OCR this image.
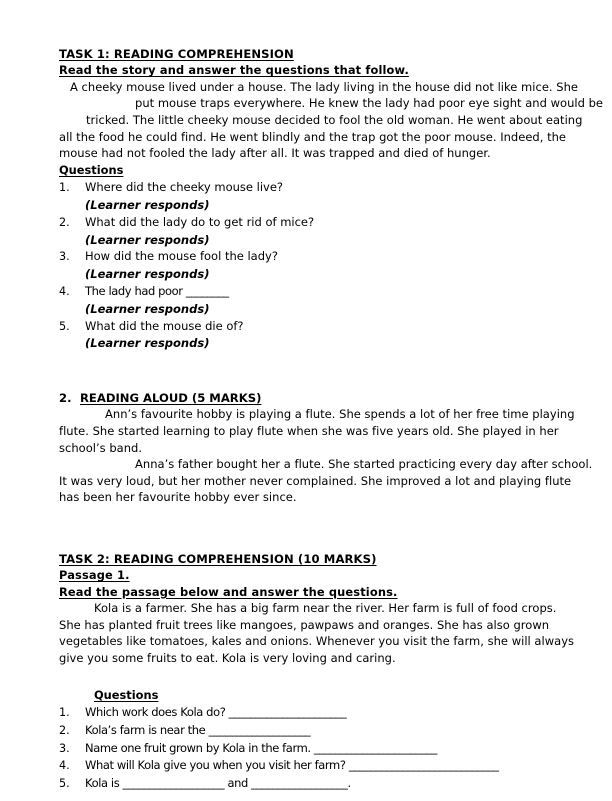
TASK 1: READING COMPREHENSION
Read the story and answer the questions that follow.
A cheeky mouse lived under a house. The lady living in the house did not like mice. She
put mouse traps everywhere. He knew the lady had poor eye sight and would be
tricked. The little cheeky mouse decided to fool the old woman. He went about eating
all the food he could find. He went blindly and the trap got the poor mouse. Indeed, the
mouse had not fooled the lady after all. It was trapped and died of hunger.
Questions
1.	Where did the cheeky mouse live?
(Learner responds)
2.	What did the lady do to get rid of mice?
(Learner responds)
3.	How did the mouse fool the lady?
(Learner responds)
4.	The lady had poor ________
(Learner responds)
5.	What did the mouse die of?
(Learner responds)
2. READING ALOUD (5 MARKS)
Ann’s favourite hobby is playing a flute. She spends a lot of her free time playing
flute. She started learning to play flute when she was five years old. She played in her
school’s band.
Anna’s father bought her a flute. She started practicing every day after school.
It was very loud, but her mother never complained. She improved a lot and playing flute
has been her favourite hobby ever since.
TASK 2: READING COMPREHENSION (10 MARKS)
Passage 1.
Read the passage below and answer the questions.
Kola is a farmer. She has a big farm near the river. Her farm is full of food crops.
She has planted fruit trees like mangoes, pawpaws and oranges. She has also grown
vegetables like tomatoes, kales and onions. Whenever you visit the farm, she will always
give you some fruits to eat. Kola is very loving and caring.
Questions
1.	Which work does Kola do? ______________________
2.	Kola’s farm is near the ___________________
3.	Name one fruit grown by Kola in the farm. _______________________
4.	What will Kola give you when you visit her farm? ____________________________
5.	Kola is ___________________ and __________________.
